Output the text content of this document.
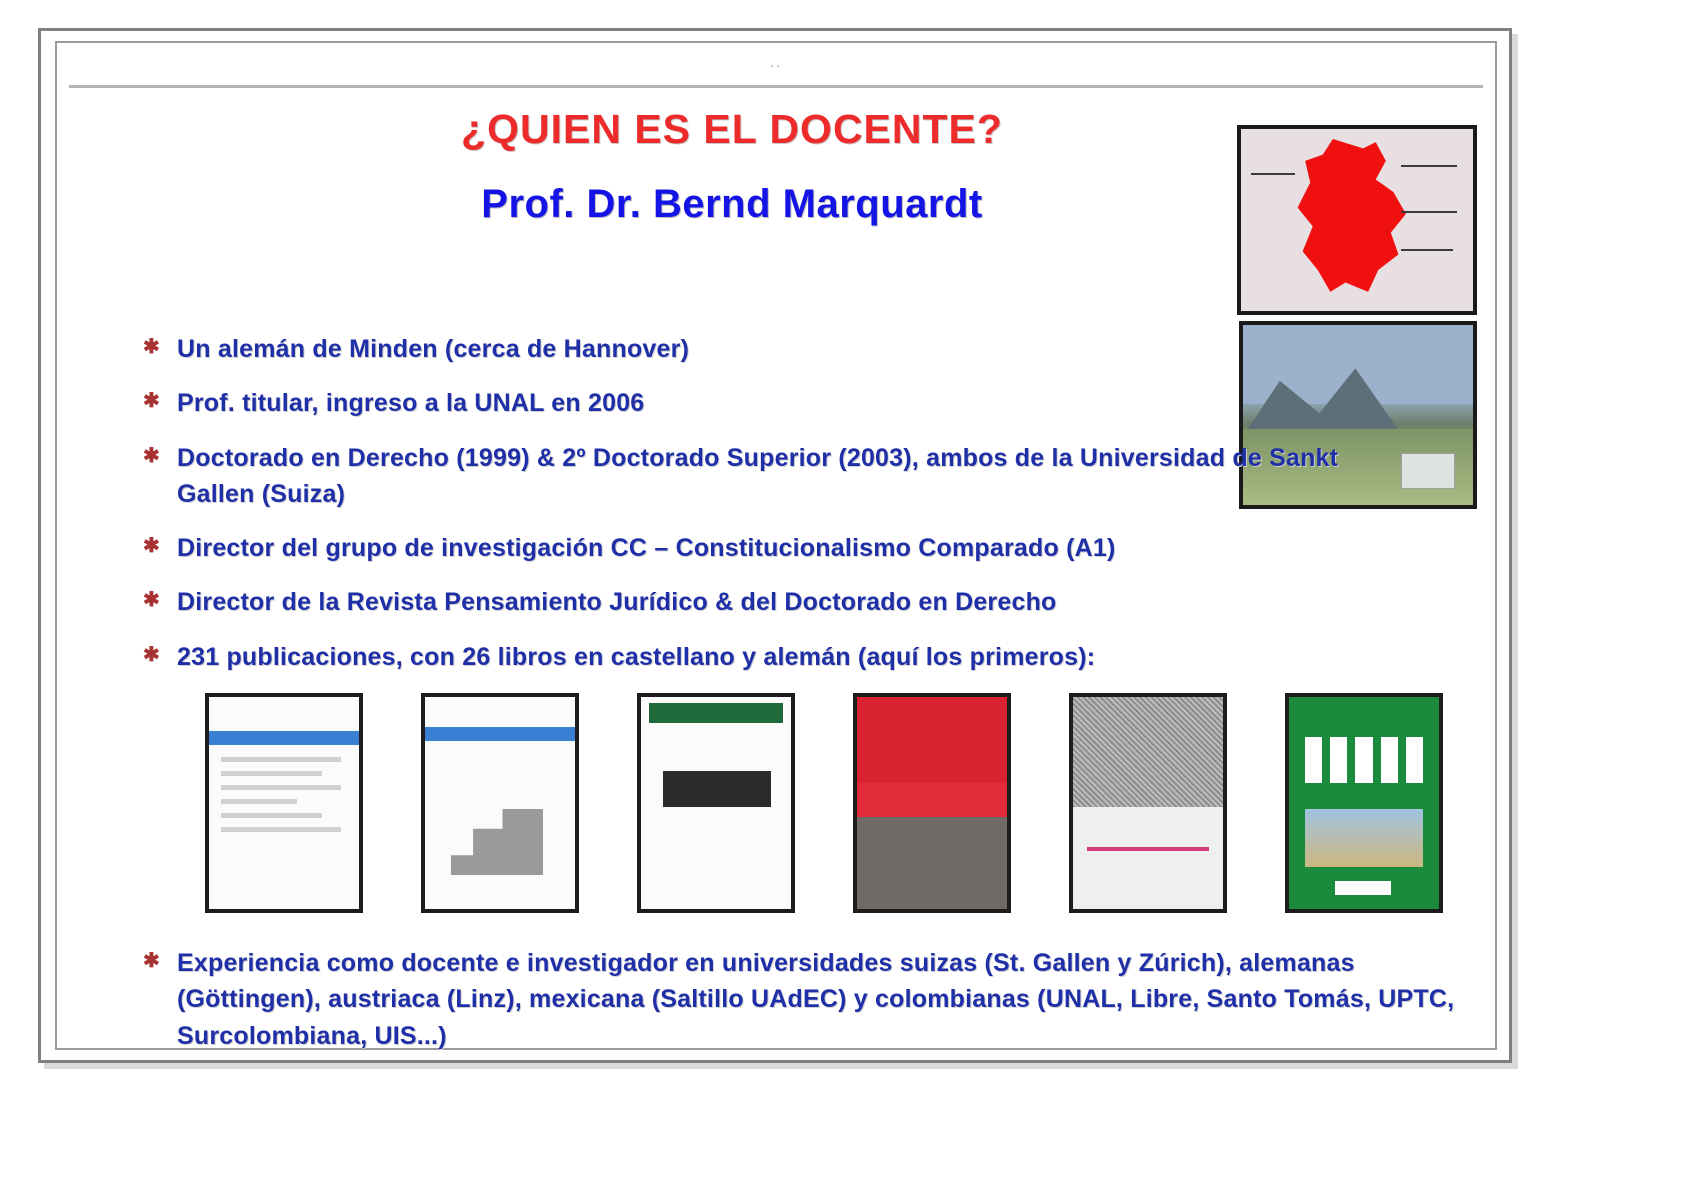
··
¿QUIEN ES EL DOCENTE?
Prof. Dr. Bernd Marquardt
✱ Un alemán de Minden (cerca de Hannover)
✱ Prof. titular, ingreso a la UNAL en 2006
✱ Doctorado en Derecho (1999) & 2º Doctorado Superior (2003), ambos de la Universidad de Sankt Gallen (Suiza)
✱ Director del grupo de investigación CC – Constitucionalismo Comparado (A1)
✱ Director de la Revista Pensamiento Jurídico & del Doctorado en Derecho
✱ 231 publicaciones, con 26 libros en castellano y alemán (aquí los primeros):
✱ Experiencia como docente e investigador en universidades suizas (St. Gallen y Zúrich), alemanas (Göttingen), austriaca (Linz), mexicana (Saltillo UAdEC) y colombianas (UNAL, Libre, Santo Tomás, UPTC, Surcolombiana, UIS...)
